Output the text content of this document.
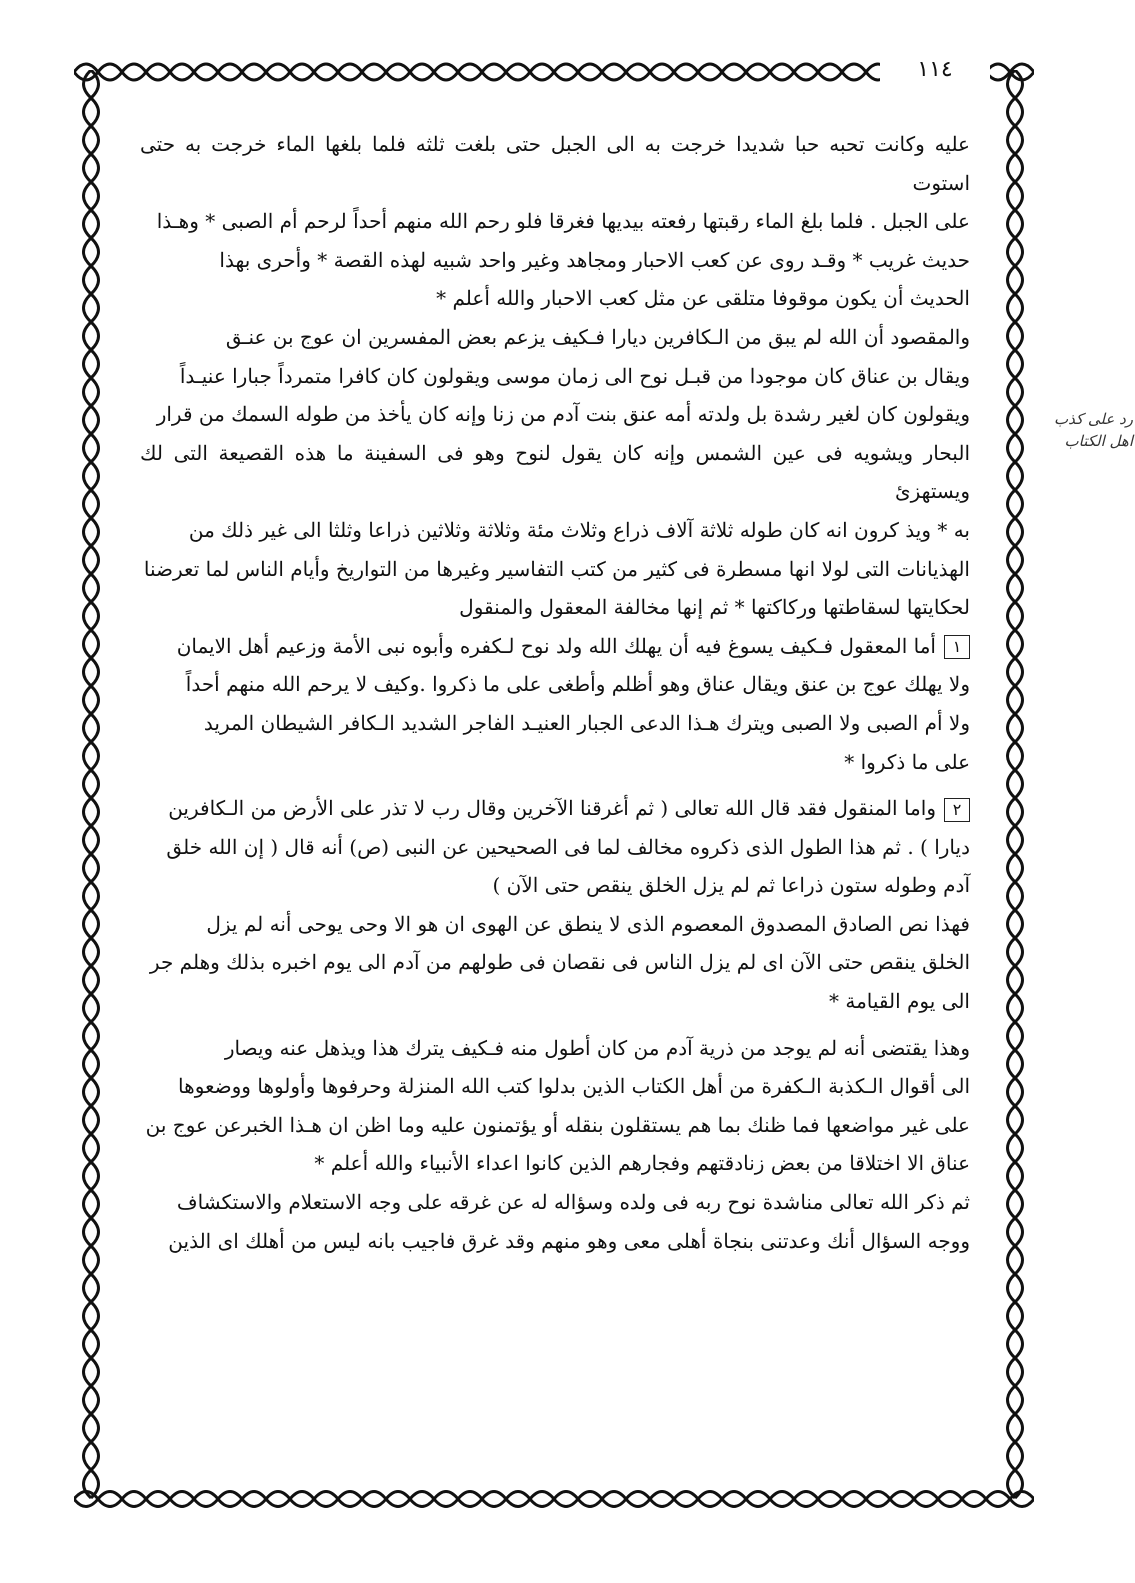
١١٤
رد على كذب
اهل الكتاب
عليه وكانت تحبه حبا شديدا خرجت به الى الجبل حتى بلغت ثلثه فلما بلغها الماء خرجت به حتى استوت
على الجبل . فلما بلغ الماء رقبتها رفعته بيديها فغرقا فلو رحم الله منهم أحداً لرحم أم الصبى * وهـذا
حديث غريب * وقـد روى عن كعب الاحبار ومجاهد وغير واحد شبيه لهذه القصة * وأحرى بهذا
الحديث أن يكون موقوفا متلقى عن مثل كعب الاحبار والله أعلم *
والمقصود أن الله لم يبق من الـكافرين ديارا فـكيف يزعم بعض المفسرين ان عوج بن عنـق
ويقال بن عناق كان موجودا من قبـل نوح الى زمان موسى ويقولون كان كافرا متمرداً جبارا عنيـداً
ويقولون كان لغير رشدة بل ولدته أمه عنق بنت آدم من زنا وإنه كان يأخذ من طوله السمك من قرار
البحار ويشويه فى عين الشمس وإنه كان يقول لنوح وهو فى السفينة ما هذه القصيعة التى لك ويستهزئ
به * ويذ كرون انه كان طوله ثلاثة آلاف ذراع وثلاث مئة وثلاثة وثلاثين ذراعا وثلثا الى غير ذلك من
الهذيانات التى لولا انها مسطرة فى كثير من كتب التفاسير وغيرها من التواريخ وأيام الناس لما تعرضنا
لحكايتها لسقاطتها وركاكتها * ثم إنها مخالفة المعقول والمنقول
١أما المعقول فـكيف يسوغ فيه أن يهلك الله ولد نوح لـكفره وأبوه نبى الأمة وزعيم أهل الايمان
ولا يهلك عوج بن عنق ويقال عناق وهو أظلم وأطغى على ما ذكروا .وكيف لا يرحم الله منهم أحداً
ولا أم الصبى ولا الصبى ويترك هـذا الدعى الجبار العنيـد الفاجر الشديد الـكافر الشيطان المريد
على ما ذكروا *
٢واما المنقول فقد قال الله تعالى ( ثم أغرقنا الآخرين وقال رب لا تذر على الأرض من الـكافرين
ديارا ) . ثم هذا الطول الذى ذكروه مخالف لما فى الصحيحين عن النبى (ص) أنه قال ( إن الله خلق
آدم وطوله ستون ذراعا ثم لم يزل الخلق ينقص حتى الآن )
فهذا نص الصادق المصدوق المعصوم الذى لا ينطق عن الهوى ان هو الا وحى يوحى أنه لم يزل
الخلق ينقص حتى الآن اى لم يزل الناس فى نقصان فى طولهم من آدم الى يوم اخبره بذلك وهلم جر
الى يوم القيامة *
وهذا يقتضى أنه لم يوجد من ذرية آدم من كان أطول منه فـكيف يترك هذا ويذهل عنه ويصار
الى أقوال الـكذبة الـكفرة من أهل الكتاب الذين بدلوا كتب الله المنزلة وحرفوها وأولوها ووضعوها
على غير مواضعها فما ظنك بما هم يستقلون بنقله أو يؤتمنون عليه وما اظن ان هـذا الخبرعن عوج بن
عناق الا اختلاقا من بعض زنادقتهم وفجارهم الذين كانوا اعداء الأنبياء والله أعلم *
ثم ذكر الله تعالى مناشدة نوح ربه فى ولده وسؤاله له عن غرقه على وجه الاستعلام والاستكشاف
ووجه السؤال أنك وعدتنى بنجاة أهلى معى وهو منهم وقد غرق فاجيب بانه ليس من أهلك اى الذين
